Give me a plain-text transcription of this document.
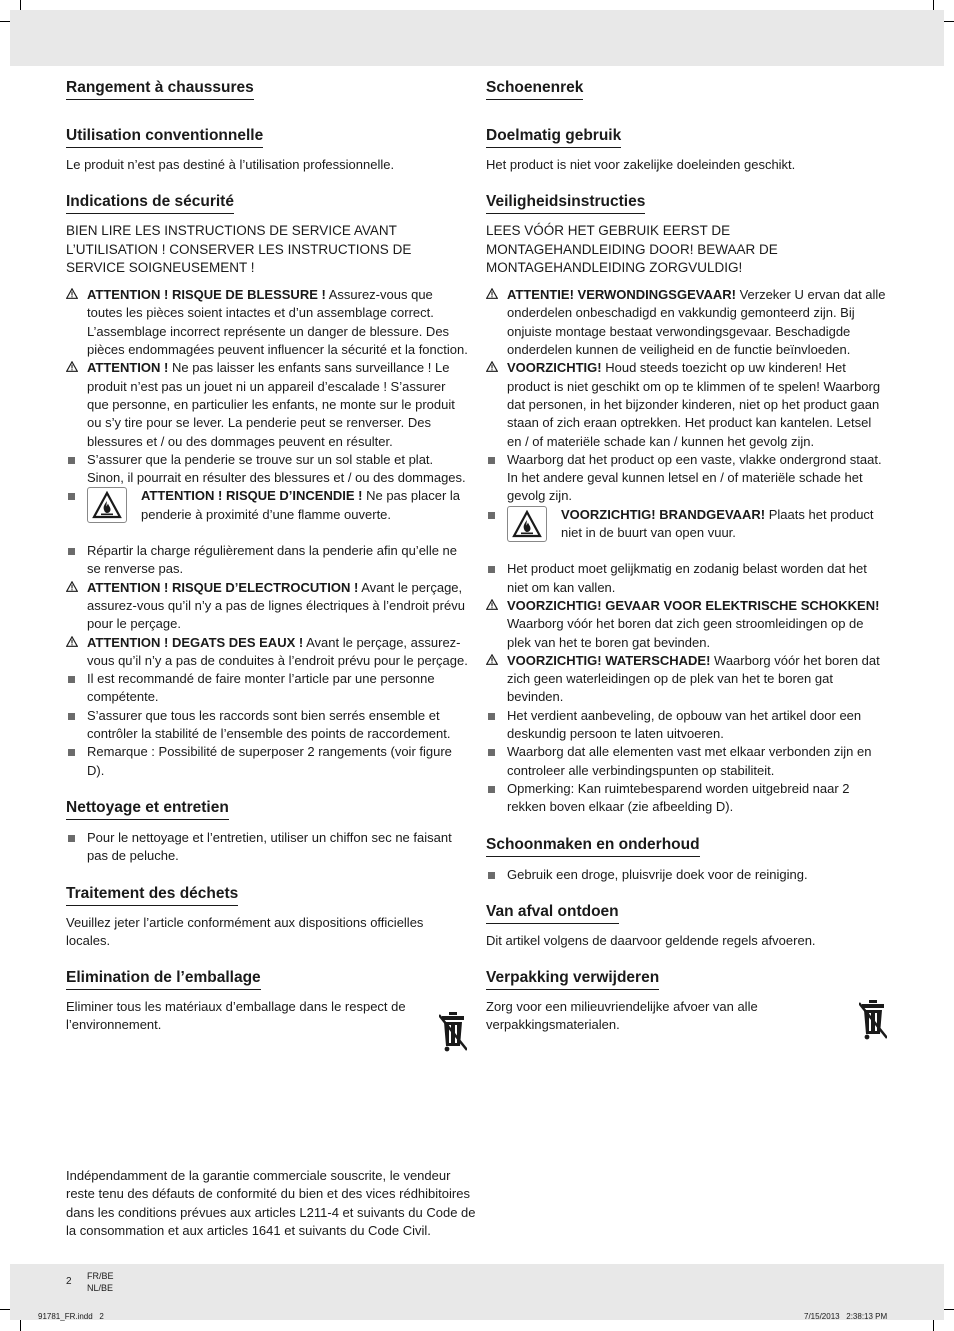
Rangement à chaussures
Utilisation conventionnelle

Le produit n’est pas destiné à l’utilisation professionnelle.

Indications de sécurité

BIEN LIRE LES INSTRUCTIONS DE SERVICE AVANT L’UTILISATION ! CONSERVER LES INSTRUCTIONS DE SERVICE SOIGNEUSEMENT !

ATTENTION ! RISQUE DE BLESSURE ! Assurez-vous que toutes les pièces soient intactes et d’un assemblage correct. L’assemblage incorrect représente un danger de blessure. Des pièces endommagées peuvent influencer la sécurité et la fonction.
ATTENTION ! Ne pas laisser les enfants sans surveillance ! Le produit n’est pas un jouet ni un appareil d’escalade ! S’assurer que personne, en particulier les enfants, ne monte sur le produit ou s’y tire pour se lever. La penderie peut se renverser. Des blessures et / ou des dommages peuvent en résulter.
S’assurer que la penderie se trouve sur un sol stable et plat. Sinon, il pourrait en résulter des blessures et / ou des dommages.
ATTENTION ! RISQUE D’INCENDIE ! Ne pas placer la penderie à proximité d’une flamme ouverte.
Répartir la charge régulièrement dans la penderie afin qu’elle ne se renverse pas.
ATTENTION ! RISQUE D’ELECTROCUTION ! Avant le perçage, assurez-vous qu’il n’y a pas de lignes électriques à l’endroit prévu pour le perçage.
ATTENTION ! DEGATS DES EAUX ! Avant le perçage, assurez-vous qu’il n’y a pas de conduites à l’endroit prévu pour le perçage.
Il est recommandé de faire monter l’article par une personne compétente.
S’assurer que tous les raccords sont bien serrés ensemble et contrôler la stabilité de l’ensemble des points de raccordement.
Remarque : Possibilité de superposer 2 rangements (voir figure D).
Nettoyage et entretien
Pour le nettoyage et l’entretien, utiliser un chiffon sec ne faisant pas de peluche.
Traitement des déchets

Veuillez jeter l’article conformément aux dispositions officielles locales.

Elimination de l’emballage

Eliminer tous les matériaux d’emballage dans le respect de l’environnement.

Schoenenrek
Doelmatig gebruik

Het product is niet voor zakelijke doeleinden geschikt.

Veiligheidsinstructies

LEES VÓÓR HET GEBRUIK EERST DE MONTAGEHANDLEIDING DOOR! BEWAAR DE MONTAGEHANDLEIDING ZORGVULDIG!

ATTENTIE! VERWONDINGSGEVAAR! Verzeker U ervan dat alle onderdelen onbeschadigd en vakkundig gemonteerd zijn. Bij onjuiste montage bestaat verwondingsgevaar. Beschadigde onderdelen kunnen de veiligheid en de functie beïnvloeden.
VOORZICHTIG! Houd steeds toezicht op uw kinderen! Het product is niet geschikt om op te klimmen of te spelen! Waarborg dat personen, in het bijzonder kinderen, niet op het product gaan staan of zich eraan optrekken. Het product kan kantelen. Letsel en / of materiële schade kan / kunnen het gevolg zijn.
Waarborg dat het product op een vaste, vlakke ondergrond staat. In het andere geval kunnen letsel en / of materiële schade het gevolg zijn.
VOORZICHTIG! BRANDGEVAAR! Plaats het product niet in de buurt van open vuur.
Het product moet gelijkmatig en zodanig belast worden dat het niet om kan vallen.
VOORZICHTIG! GEVAAR VOOR ELEKTRISCHE SCHOKKEN! Waarborg vóór het boren dat zich geen stroomleidingen op de plek van het te boren gat bevinden.
VOORZICHTIG! WATERSCHADE! Waarborg vóór het boren dat zich geen waterleidingen op de plek van het te boren gat bevinden.
Het verdient aanbeveling, de opbouw van het artikel door een deskundig persoon te laten uitvoeren.
Waarborg dat alle elementen vast met elkaar verbonden zijn en controleer alle verbindingspunten op stabiliteit.
Opmerking: Kan ruimtebesparend worden uitgebreid naar 2 rekken boven elkaar (zie afbeelding D).
Schoonmaken en onderhoud
Gebruik een droge, pluisvrije doek voor de reiniging.
Van afval ontdoen

Dit artikel volgens de daarvoor geldende regels afvoeren.

Verpakking verwijderen

Zorg voor een milieuvriendelijke afvoer van alle verpakkingsmaterialen.

Indépendamment de la garantie commerciale souscrite, le vendeur reste tenu des défauts de conformité du bien et des vices rédhibitoires dans les conditions prévues aux articles L211-4 et suivants du Code de la consommation et aux articles 1641 et suivants du Code Civil.
2 FR/BE
NL/BE
91781_FR.indd   2	7/15/2013   2:38:13 PM
